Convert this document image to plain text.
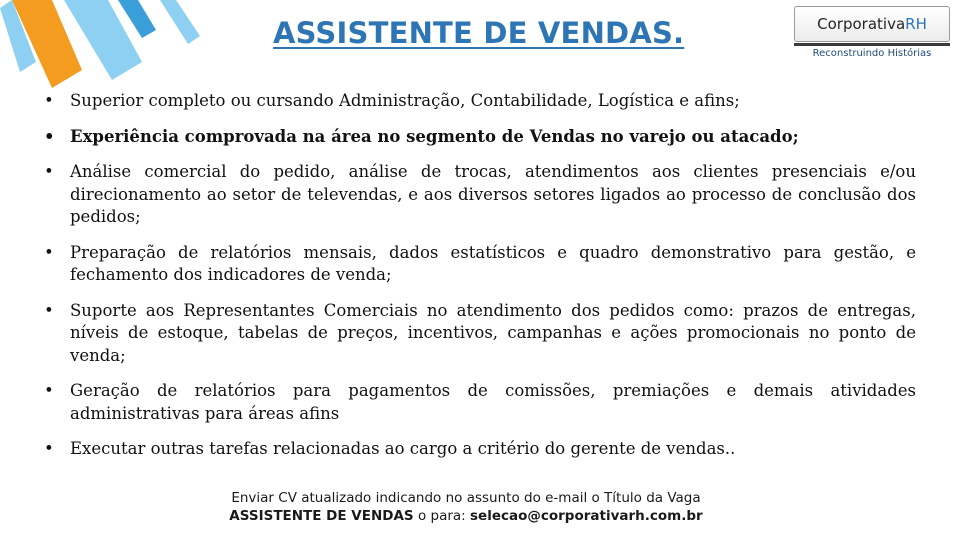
ASSISTENTE DE VENDAS.	CorporativaRH
Reconstruindo Histórias
• Superior completo ou cursando Administração, Contabilidade, Logística e afins;
• Experiência comprovada na área no segmento de Vendas no varejo ou atacado;
• Análise comercial do pedido, análise de trocas, atendimentos aos clientes presenciais e/ou direcionamento ao setor de televendas, e aos diversos setores ligados ao processo de conclusão dos pedidos;
• Preparação de relatórios mensais, dados estatísticos e quadro demonstrativo para gestão, e fechamento dos indicadores de venda;
• Suporte aos Representantes Comerciais no atendimento dos pedidos como: prazos de entregas, níveis de estoque, tabelas de preços, incentivos, campanhas e ações promocionais no ponto de venda;
• Geração de relatórios para pagamentos de comissões, premiações e demais atividades administrativas para áreas afins
• Executar outras tarefas relacionadas ao cargo a critério do gerente de vendas..
Enviar CV atualizado indicando no assunto do e-mail o Título da Vaga
ASSISTENTE DE VENDAS o para: selecao@corporativarh.com.br
